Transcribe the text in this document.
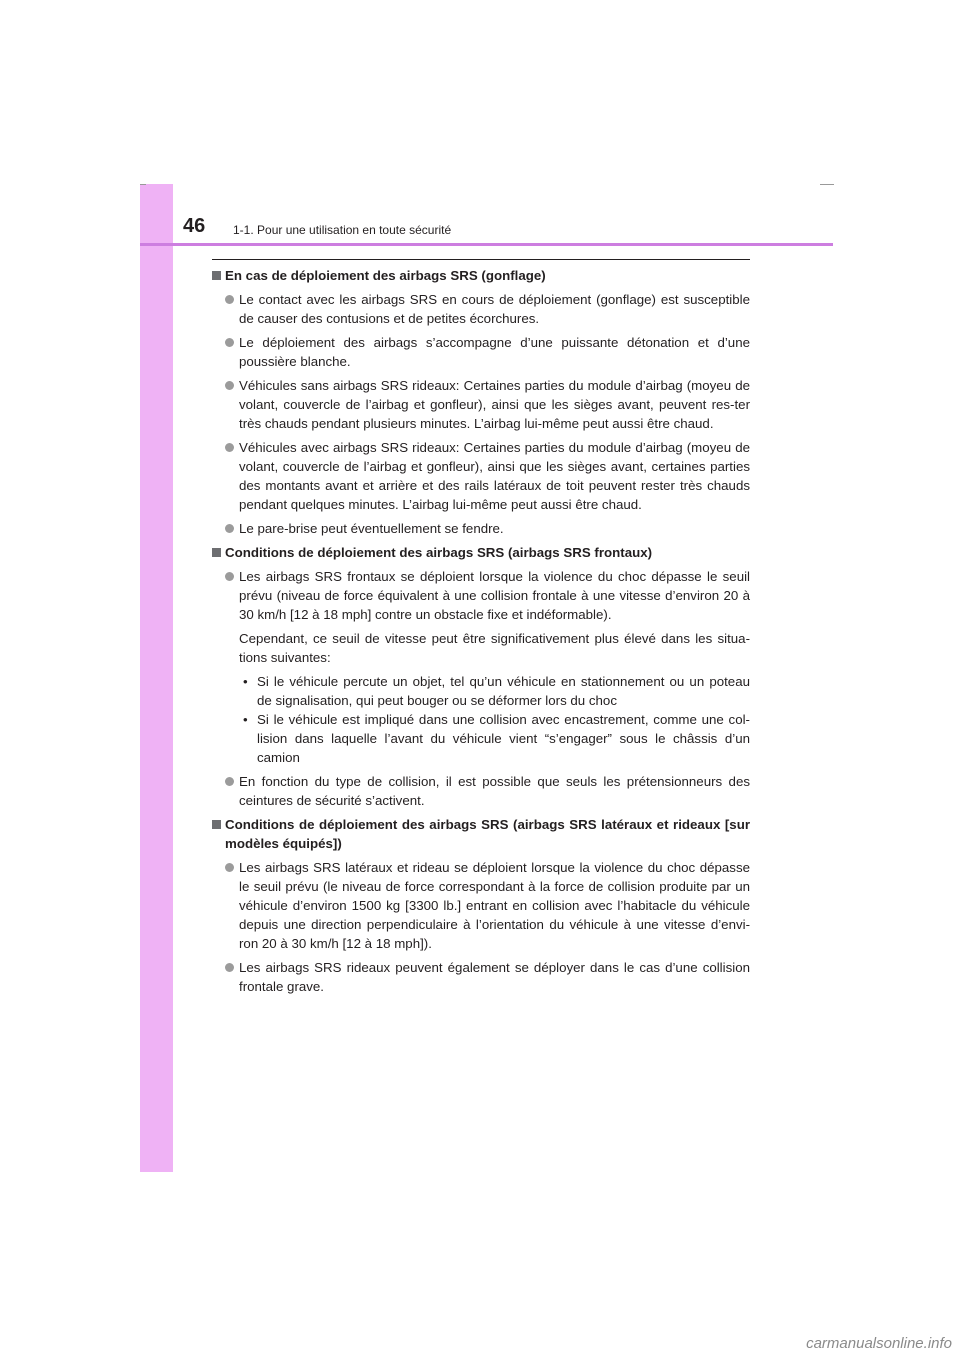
46 1-1. Pour une utilisation en toute sécurité
En cas de déploiement des airbags SRS (gonflage)
Le contact avec les airbags SRS en cours de déploiement (gonflage) est susceptible de causer des contusions et de petites écorchures.
Le déploiement des airbags s’accompagne d’une puissante détonation et d’une poussière blanche.
Véhicules sans airbags SRS rideaux: Certaines parties du module d’airbag (moyeu de volant, couvercle de l’airbag et gonfleur), ainsi que les sièges avant, peuvent res-ter très chauds pendant plusieurs minutes. L’airbag lui-même peut aussi être chaud.
Véhicules avec airbags SRS rideaux: Certaines parties du module d’airbag (moyeu de volant, couvercle de l’airbag et gonfleur), ainsi que les sièges avant, certaines parties des montants avant et arrière et des rails latéraux de toit peuvent rester très chauds pendant quelques minutes. L’airbag lui-même peut aussi être chaud.
Le pare-brise peut éventuellement se fendre.
Conditions de déploiement des airbags SRS (airbags SRS frontaux)
Les airbags SRS frontaux se déploient lorsque la violence du choc dépasse le seuil prévu (niveau de force équivalent à une collision frontale à une vitesse d’environ 20 à 30 km/h [12 à 18 mph] contre un obstacle fixe et indéformable).
Cependant, ce seuil de vitesse peut être significativement plus élevé dans les situa-tions suivantes:
• Si le véhicule percute un objet, tel qu’un véhicule en stationnement ou un poteau de signalisation, qui peut bouger ou se déformer lors du choc
• Si le véhicule est impliqué dans une collision avec encastrement, comme une col-lision dans laquelle l’avant du véhicule vient “s’engager” sous le châssis d’un camion
En fonction du type de collision, il est possible que seuls les prétensionneurs des ceintures de sécurité s’activent.
Conditions de déploiement des airbags SRS (airbags SRS latéraux et rideaux [sur modèles équipés])
Les airbags SRS latéraux et rideau se déploient lorsque la violence du choc dépasse le seuil prévu (le niveau de force correspondant à la force de collision produite par un véhicule d’environ 1500 kg [3300 lb.] entrant en collision avec l’habitacle du véhicule depuis une direction perpendiculaire à l’orientation du véhicule à une vitesse d’envi-ron 20 à 30 km/h [12 à 18 mph]).
Les airbags SRS rideaux peuvent également se déployer dans le cas d’une collision frontale grave.
carmanualsonline.info
